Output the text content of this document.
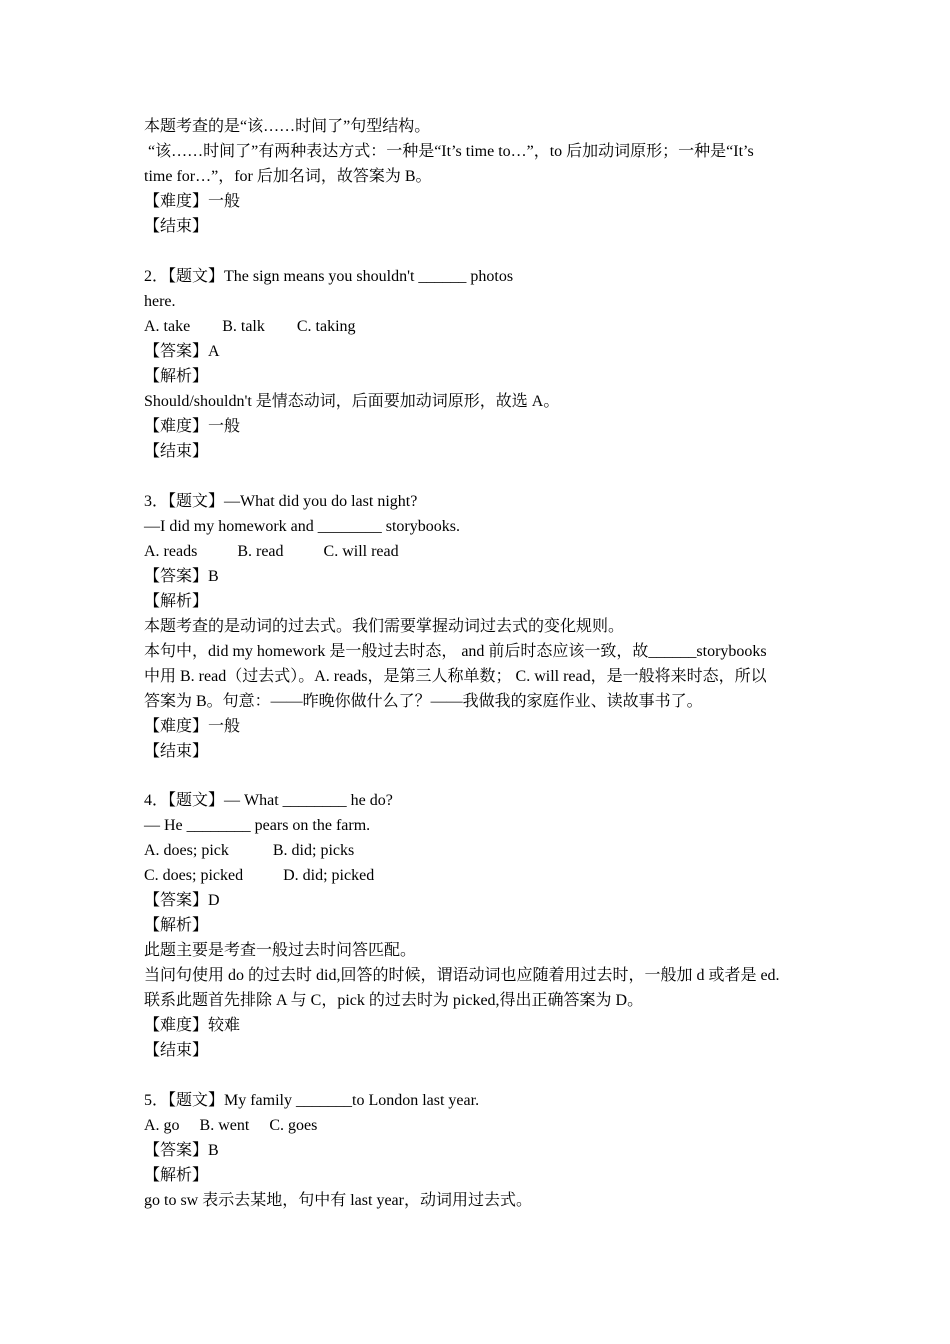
本题考查的是“该……时间了”句型结构。
“该……时间了”有两种表达方式：一种是“It’s time to…”，to 后加动词原形；一种是“It’s
time for…”，for 后加名词，故答案为 B。
【难度】一般
【结束】
2．【题文】The sign means you shouldn't ______ photos
here.
A. take        B. talk        C. taking
【答案】A
【解析】
Should/shouldn't 是情态动词，后面要加动词原形，故选 A。
【难度】一般
【结束】
3．【题文】—What did you do last night?
—I did my homework and ________ storybooks.
A. reads          B. read          C. will read
【答案】B
【解析】
本题考查的是动词的过去式。我们需要掌握动词过去式的变化规则。
本句中，did my homework 是一般过去时态， and 前后时态应该一致，故______storybooks
中用 B. read（过去式）。A. reads，是第三人称单数； C. will read，是一般将来时态，所以
答案为 B。句意：——昨晚你做什么了？——我做我的家庭作业、读故事书了。
【难度】一般
【结束】
4．【题文】— What ________ he do?
— He ________ pears on the farm.
A. does; pick           B. did; picks
C. does; picked          D. did; picked
【答案】D
【解析】
此题主要是考查一般过去时问答匹配。
当问句使用 do 的过去时 did,回答的时候，谓语动词也应随着用过去时，一般加 d 或者是 ed.
联系此题首先排除 A 与 C，pick 的过去时为 picked,得出正确答案为 D。
【难度】较难
【结束】
5．【题文】My family _______to London last year.
A. go     B. went     C. goes
【答案】B
【解析】
go to sw 表示去某地，句中有 last year，动词用过去式。
